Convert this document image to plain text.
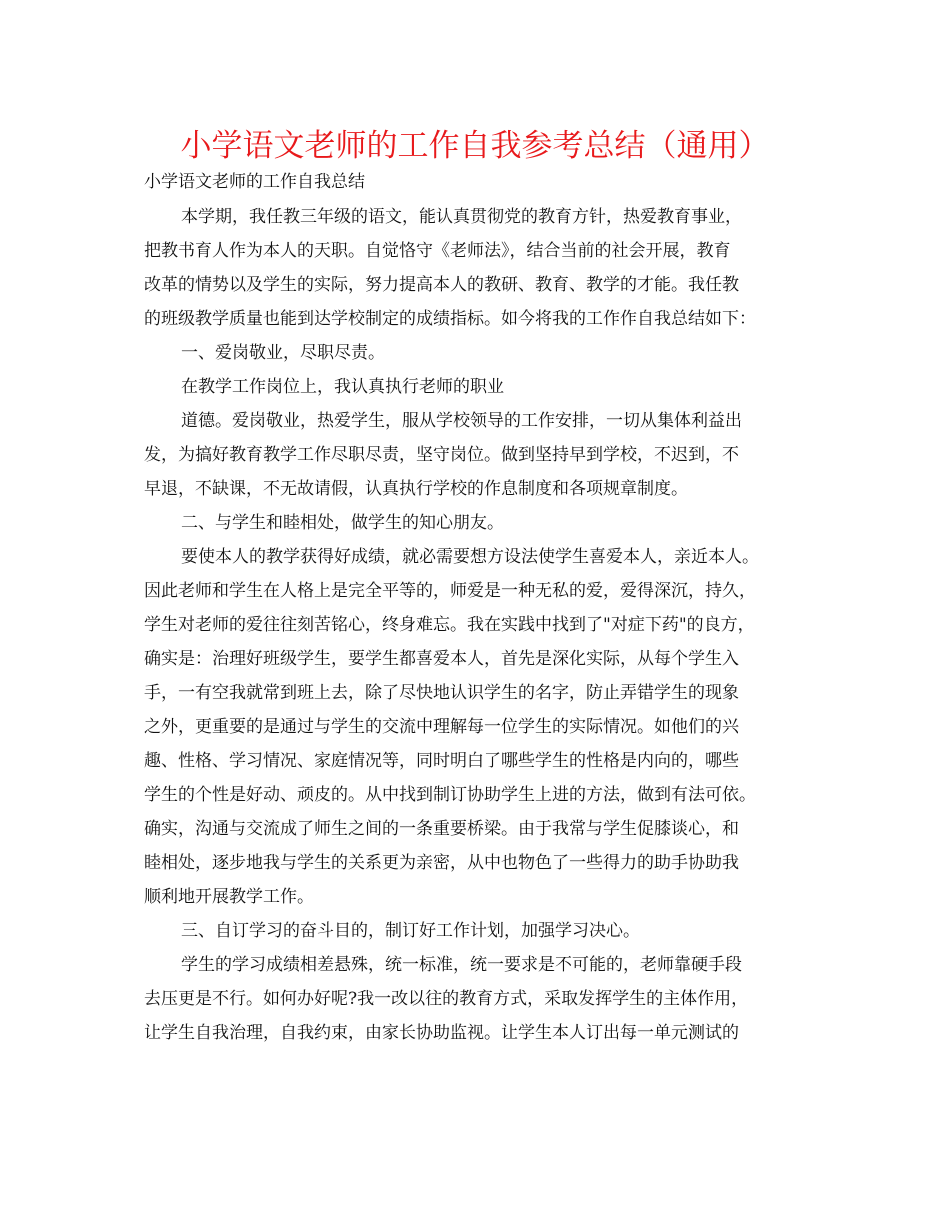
小学语文老师的工作自我参考总结（通用）
小学语文老师的工作自我总结
本学期，我任教三年级的语文，能认真贯彻党的教育方针，热爱教育事业，
把教书育人作为本人的天职。自觉恪守《老师法》，结合当前的社会开展，教育
改革的情势以及学生的实际，努力提高本人的教研、教育、教学的才能。我任教
的班级教学质量也能到达学校制定的成绩指标。如今将我的工作作自我总结如下：
一、爱岗敬业，尽职尽责。
在教学工作岗位上，我认真执行老师的职业
道德。爱岗敬业，热爱学生，服从学校领导的工作安排，一切从集体利益出
发，为搞好教育教学工作尽职尽责，坚守岗位。做到坚持早到学校，不迟到，不
早退，不缺课，不无故请假，认真执行学校的作息制度和各项规章制度。
二、与学生和睦相处，做学生的知心朋友。
要使本人的教学获得好成绩，就必需要想方设法使学生喜爱本人，亲近本人。
因此老师和学生在人格上是完全平等的，师爱是一种无私的爱，爱得深沉，持久，
学生对老师的爱往往刻苦铭心，终身难忘。我在实践中找到了"对症下药"的良方，
确实是：治理好班级学生，要学生都喜爱本人，首先是深化实际，从每个学生入
手，一有空我就常到班上去，除了尽快地认识学生的名字，防止弄错学生的现象
之外，更重要的是通过与学生的交流中理解每一位学生的实际情况。如他们的兴
趣、性格、学习情况、家庭情况等，同时明白了哪些学生的性格是内向的，哪些
学生的个性是好动、顽皮的。从中找到制订协助学生上进的方法，做到有法可依。
确实，沟通与交流成了师生之间的一条重要桥梁。由于我常与学生促膝谈心，和
睦相处，逐步地我与学生的关系更为亲密，从中也物色了一些得力的助手协助我
顺利地开展教学工作。
三、自订学习的奋斗目的，制订好工作计划，加强学习决心。
学生的学习成绩相差悬殊，统一标准，统一要求是不可能的，老师靠硬手段
去压更是不行。如何办好呢?我一改以往的教育方式，采取发挥学生的主体作用，
让学生自我治理，自我约束，由家长协助监视。让学生本人订出每一单元测试的
